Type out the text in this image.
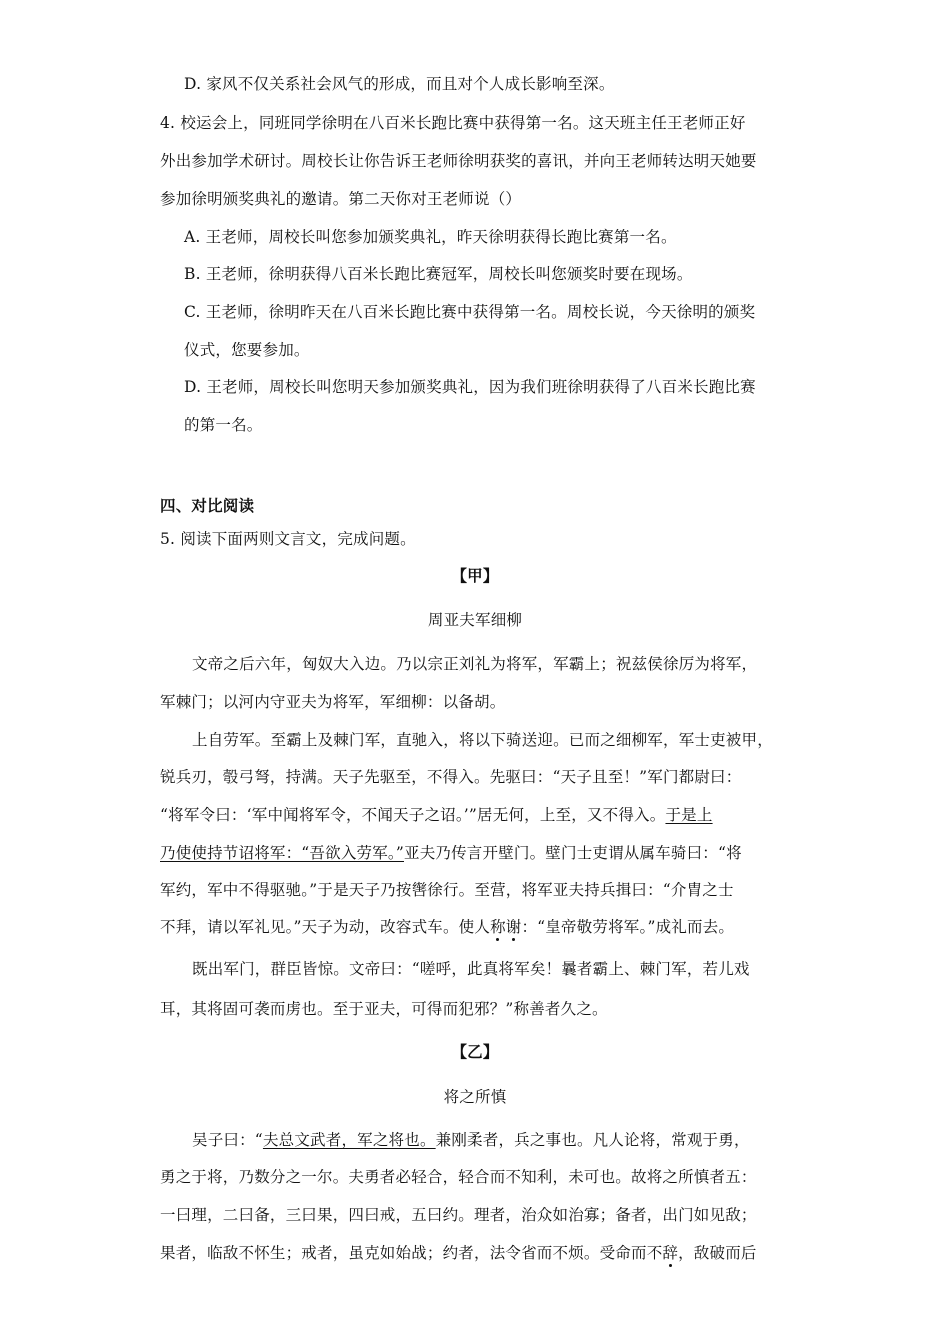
D. 家风不仅关系社会风气的形成，而且对个人成长影响至深。
4. 校运会上，同班同学徐明在八百米长跑比赛中获得第一名。这天班主任王老师正好
外出参加学术研讨。周校长让你告诉王老师徐明获奖的喜讯，并向王老师转达明天她要
参加徐明颁奖典礼的邀请。第二天你对王老师说（）
A. 王老师，周校长叫您参加颁奖典礼，昨天徐明获得长跑比赛第一名。
B. 王老师，徐明获得八百米长跑比赛冠军，周校长叫您颁奖时要在现场。
C. 王老师，徐明昨天在八百米长跑比赛中获得第一名。周校长说，今天徐明的颁奖
仪式，您要参加。
D. 王老师，周校长叫您明天参加颁奖典礼，因为我们班徐明获得了八百米长跑比赛
的第一名。
四、对比阅读
5. 阅读下面两则文言文，完成问题。
【甲】
周亚夫军细柳
文帝之后六年，匈奴大入边。乃以宗正刘礼为将军，军霸上；祝兹侯徐厉为将军，
军棘门；以河内守亚夫为将军，军细柳：以备胡。
上自劳军。至霸上及棘门军，直驰入，将以下骑送迎。已而之细柳军，军士吏被甲，
锐兵刃，彀弓弩，持满。天子先驱至，不得入。先驱曰：“天子且至！”军门都尉曰：
“将军令曰：‘军中闻将军令，不闻天子之诏。’”居无何，上至，又不得入。于是上
乃使使持节诏将军：“吾欲入劳军。”亚夫乃传言开壁门。壁门士吏谓从属车骑曰：“将
军约，军中不得驱驰。”于是天子乃按辔徐行。至营，将军亚夫持兵揖曰：“介胄之士
不拜，请以军礼见。”天子为动，改容式车。使人称谢：“皇帝敬劳将军。”成礼而去。
既出军门，群臣皆惊。文帝曰：“嗟呼，此真将军矣！曩者霸上、棘门军，若儿戏
耳，其将固可袭而虏也。至于亚夫，可得而犯邪？”称善者久之。
【乙】
将之所慎
吴子曰：“夫总文武者，军之将也。兼刚柔者，兵之事也。凡人论将，常观于勇，
勇之于将，乃数分之一尔。夫勇者必轻合，轻合而不知利，未可也。故将之所慎者五：
一曰理，二曰备，三曰果，四曰戒，五曰约。理者，治众如治寡；备者，出门如见敌；
果者，临敌不怀生；戒者，虽克如始战；约者，法令省而不烦。受命而不辞，敌破而后
